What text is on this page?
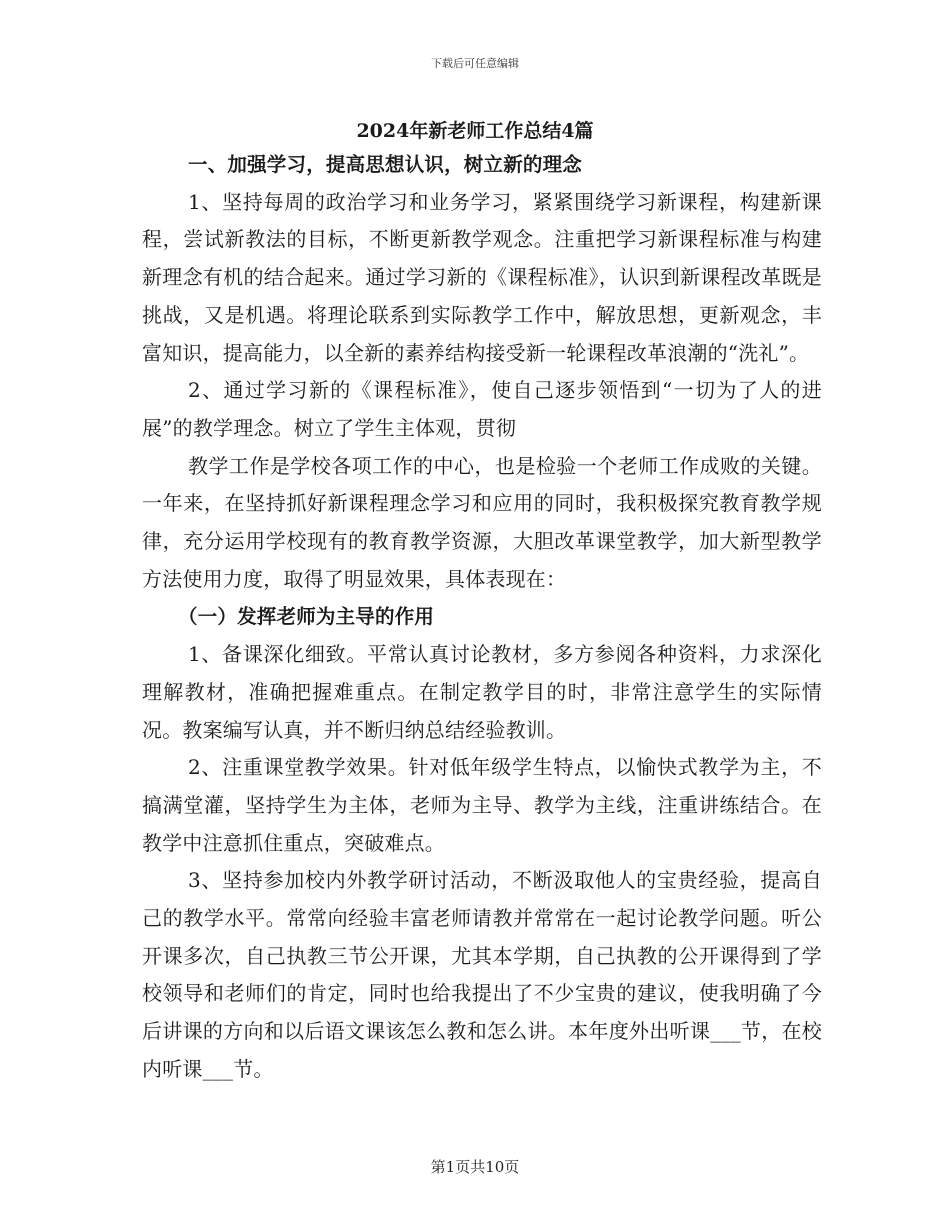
下载后可任意编辑
2024年新老师工作总结4篇

一、加强学习，提高思想认识，树立新的理念

1、坚持每周的政治学习和业务学习，紧紧围绕学习新课程，构建新课程，尝试新教法的目标，不断更新教学观念。注重把学习新课程标准与构建新理念有机的结合起来。通过学习新的《课程标准》，认识到新课程改革既是挑战，又是机遇。将理论联系到实际教学工作中，解放思想，更新观念，丰富知识，提高能力，以全新的素养结构接受新一轮课程改革浪潮的“洗礼”。

2、通过学习新的《课程标准》，使自己逐步领悟到“一切为了人的进展”的教学理念。树立了学生主体观，贯彻

教学工作是学校各项工作的中心，也是检验一个老师工作成败的关键。一年来，在坚持抓好新课程理念学习和应用的同时，我积极探究教育教学规律，充分运用学校现有的教育教学资源，大胆改革课堂教学，加大新型教学方法使用力度，取得了明显效果，具体表现在：

（一）发挥老师为主导的作用

1、备课深化细致。平常认真讨论教材，多方参阅各种资料，力求深化理解教材，准确把握难重点。在制定教学目的时，非常注意学生的实际情况。教案编写认真，并不断归纳总结经验教训。

2、注重课堂教学效果。针对低年级学生特点，以愉快式教学为主，不搞满堂灌，坚持学生为主体，老师为主导、教学为主线，注重讲练结合。在教学中注意抓住重点，突破难点。

3、坚持参加校内外教学研讨活动，不断汲取他人的宝贵经验，提高自己的教学水平。常常向经验丰富老师请教并常常在一起讨论教学问题。听公开课多次，自己执教三节公开课，尤其本学期，自己执教的公开课得到了学校领导和老师们的肯定，同时也给我提出了不少宝贵的建议，使我明确了今后讲课的方向和以后语文课该怎么教和怎么讲。本年度外出听课___节，在校内听课___节。

第1页共10页
